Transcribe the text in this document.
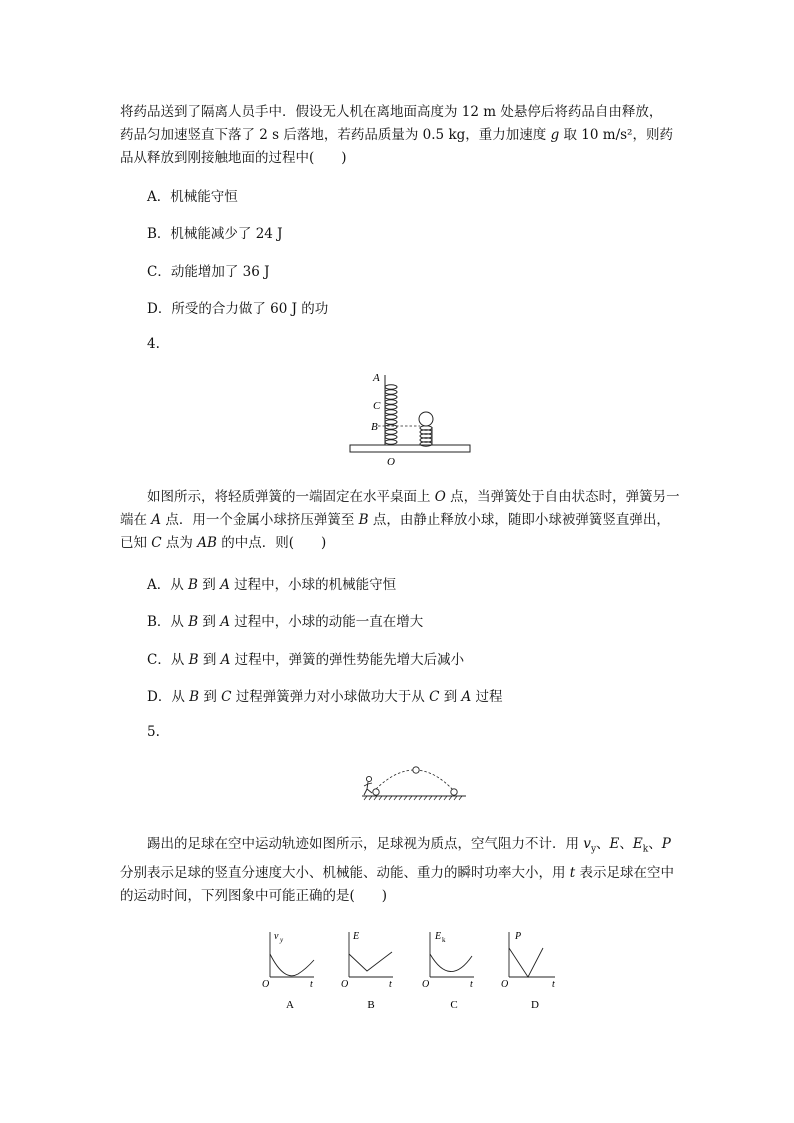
将药品送到了隔离人员手中．假设无人机在离地面高度为 12 m 处悬停后将药品自由释放，
药品匀加速竖直下落了 2 s 后落地，若药品质量为 0.5 kg，重力加速度 g 取 10 m/s²，则药
品从释放到刚接触地面的过程中(　　)
A．机械能守恒
B．机械能减少了 24 J
C．动能增加了 36 J
D．所受的合力做了 60 J 的功
4.
A
C
B
O
如图所示，将轻质弹簧的一端固定在水平桌面上 O 点，当弹簧处于自由状态时，弹簧另一端在 A 点．用一个金属小球挤压弹簧至 B 点，由静止释放小球，随即小球被弹簧竖直弹出，已知 C 点为 AB 的中点．则(　　)
A．从 B 到 A 过程中，小球的机械能守恒
B．从 B 到 A 过程中，小球的动能一直在增大
C．从 B 到 A 过程中，弹簧的弹性势能先增大后减小
D．从 B 到 C 过程弹簧弹力对小球做功大于从 C 到 A 过程
5.
踢出的足球在空中运动轨迹如图所示，足球视为质点，空气阻力不计．用 $v_y$、E、$E_k$、P 分别表示足球的竖直分速度大小、机械能、动能、重力的瞬时功率大小，用 t 表示足球在空中的运动时间，下列图象中可能正确的是(　　)
v y
O	t
A
E
O	t
B
E k
O	t
C
P
O	t
D
